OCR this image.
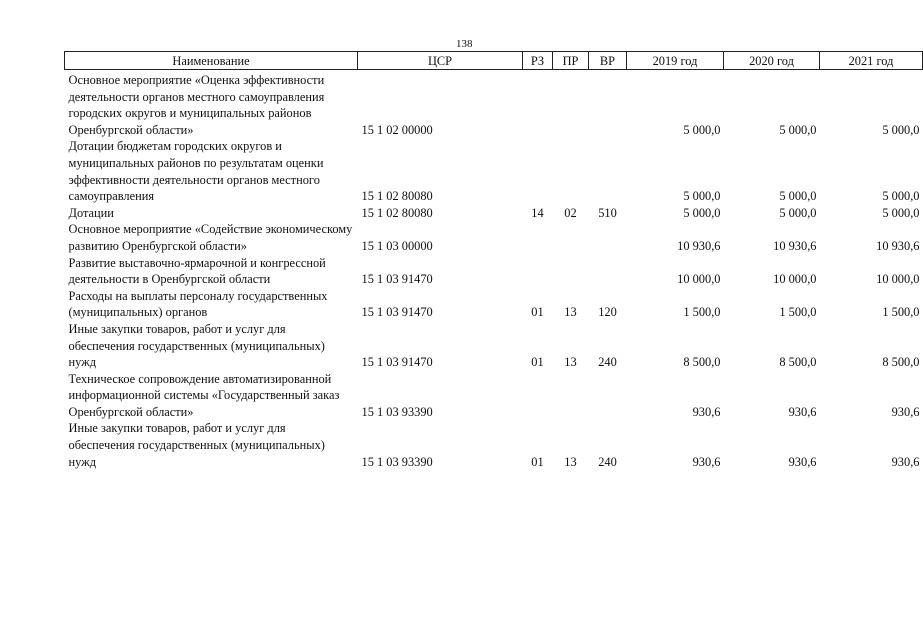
138
Наименование	ЦСР	РЗ	ПР	ВР	2019 год	2020 год	2021 год
Основное мероприятие «Оценка эффективности деятельности органов местного самоуправления городских округов и муниципальных районов Оренбургской области»	15 1 02 00000				5 000,0	5 000,0	5 000,0
Дотации бюджетам городских округов и муниципальных районов по результатам оценки эффективности деятельности органов местного самоуправления	15 1 02 80080				5 000,0	5 000,0	5 000,0
Дотации	15 1 02 80080	14	02	510	5 000,0	5 000,0	5 000,0
Основное мероприятие «Содействие экономическому развитию Оренбургской области»	15 1 03 00000				10 930,6	10 930,6	10 930,6
Развитие выставочно-ярмарочной и конгрессной деятельности в Оренбургской области	15 1 03 91470				10 000,0	10 000,0	10 000,0
Расходы на выплаты персоналу государственных (муниципальных) органов	15 1 03 91470	01	13	120	1 500,0	1 500,0	1 500,0
Иные закупки товаров, работ и услуг для обеспечения государственных (муниципальных) нужд	15 1 03 91470	01	13	240	8 500,0	8 500,0	8 500,0
Техническое сопровождение автоматизированной информационной системы «Государственный заказ Оренбургской области»	15 1 03 93390				930,6	930,6	930,6
Иные закупки товаров, работ и услуг для обеспечения государственных (муниципальных) нужд	15 1 03 93390	01	13	240	930,6	930,6	930,6
